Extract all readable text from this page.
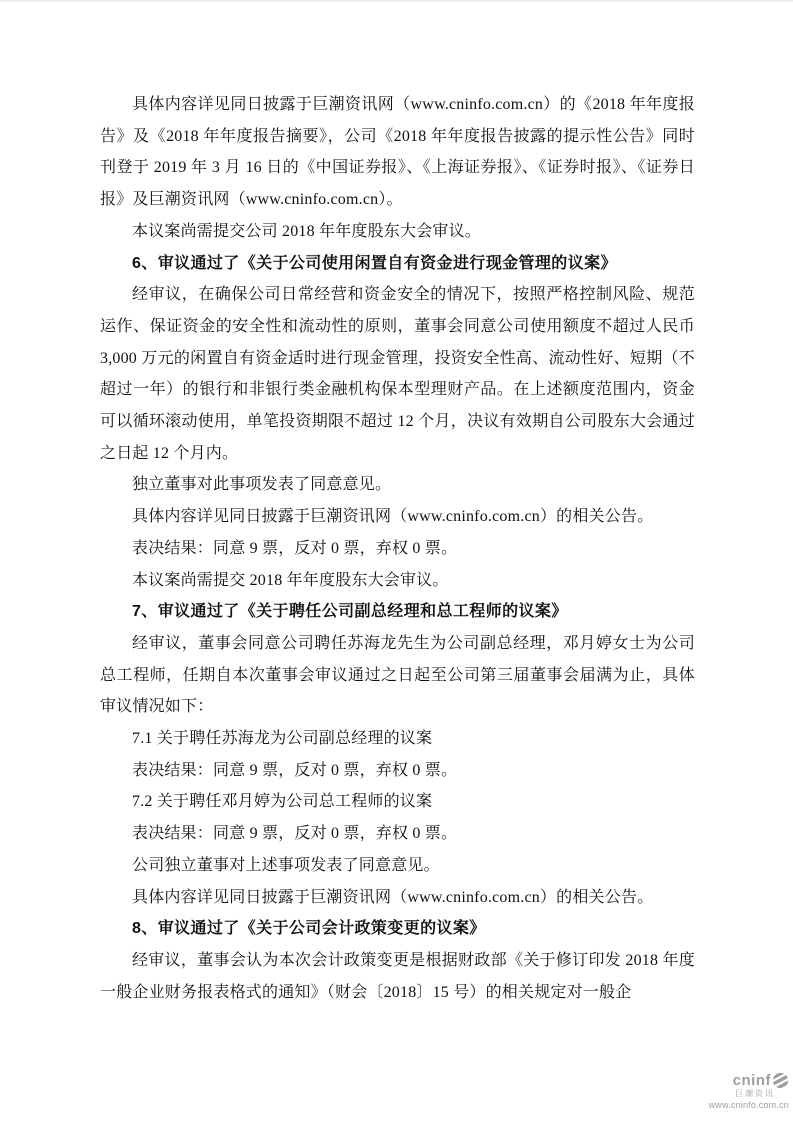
具体内容详见同日披露于巨潮资讯网（www.cninfo.com.cn）的《2018 年年度报告》及《2018 年年度报告摘要》，公司《2018 年年度报告披露的提示性公告》同时刊登于 2019 年 3 月 16 日的《中国证券报》、《上海证券报》、《证券时报》、《证券日报》及巨潮资讯网（www.cninfo.com.cn）。

本议案尚需提交公司 2018 年年度股东大会审议。

6、审议通过了《关于公司使用闲置自有资金进行现金管理的议案》

经审议，在确保公司日常经营和资金安全的情况下，按照严格控制风险、规范运作、保证资金的安全性和流动性的原则，董事会同意公司使用额度不超过人民币 3,000 万元的闲置自有资金适时进行现金管理，投资安全性高、流动性好、短期（不超过一年）的银行和非银行类金融机构保本型理财产品。在上述额度范围内，资金可以循环滚动使用，单笔投资期限不超过 12 个月，决议有效期自公司股东大会通过之日起 12 个月内。

独立董事对此事项发表了同意意见。

具体内容详见同日披露于巨潮资讯网（www.cninfo.com.cn）的相关公告。

表决结果：同意 9 票，反对 0 票，弃权 0 票。

本议案尚需提交 2018 年年度股东大会审议。

7、审议通过了《关于聘任公司副总经理和总工程师的议案》

经审议，董事会同意公司聘任苏海龙先生为公司副总经理，邓月婷女士为公司总工程师，任期自本次董事会审议通过之日起至公司第三届董事会届满为止，具体审议情况如下：

7.1 关于聘任苏海龙为公司副总经理的议案

表决结果：同意 9 票，反对 0 票，弃权 0 票。

7.2 关于聘任邓月婷为公司总工程师的议案

表决结果：同意 9 票，反对 0 票，弃权 0 票。

公司独立董事对上述事项发表了同意意见。

具体内容详见同日披露于巨潮资讯网（www.cninfo.com.cn）的相关公告。

8、审议通过了《关于公司会计政策变更的议案》

经审议，董事会认为本次会计政策变更是根据财政部《关于修订印发 2018 年度一般企业财务报表格式的通知》（财会〔2018〕15 号）的相关规定对一般企

cninf
巨潮资讯
www.cninfo.com.cn
